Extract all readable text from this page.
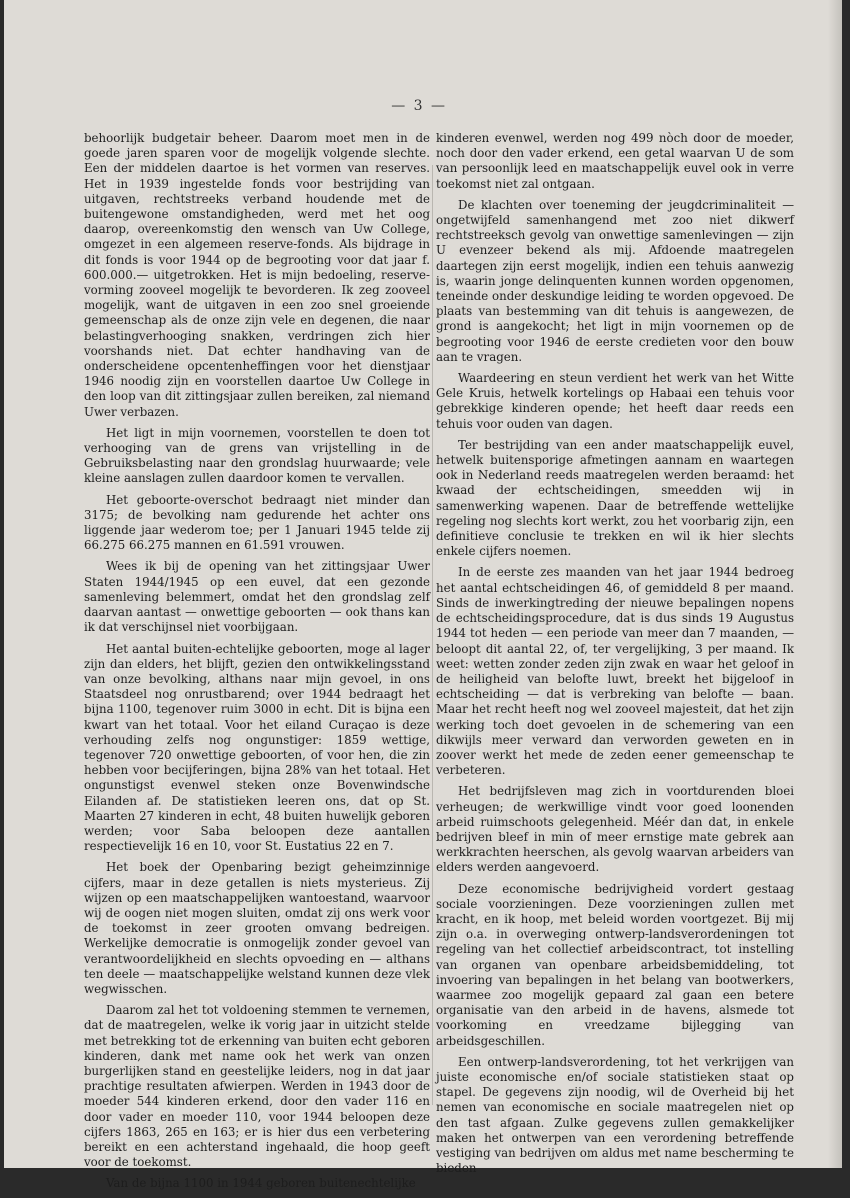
— 3 —

behoorlijk budgetair beheer. Daarom moet men in de goede jaren sparen voor de mogelijk volgende slechte. Een der middelen daartoe is het vormen van reserves. Het in 1939 ingestelde fonds voor bestrijding van uitgaven, rechtstreeks verband houdende met de buitengewone omstandigheden, werd met het oog daarop, overeenkomstig den wensch van Uw College, omgezet in een algemeen reserve-fonds. Als bijdrage in dit fonds is voor 1944 op de begrooting voor dat jaar f. 600.000.— uitgetrokken. Het is mijn bedoeling, reserve-vorming zooveel mogelijk te bevorderen. Ik zeg zooveel mogelijk, want de uitgaven in een zoo snel groeiende gemeenschap als de onze zijn vele en degenen, die naar belastingverhooging snakken, verdringen zich hier voorshands niet. Dat echter handhaving van de onderscheidene opcentenheffingen voor het dienstjaar 1946 noodig zijn en voorstellen daartoe Uw College in den loop van dit zittingsjaar zullen bereiken, zal niemand Uwer verbazen.

Het ligt in mijn voornemen, voorstellen te doen tot verhooging van de grens van vrijstelling in de Gebruiksbelasting naar den grondslag huurwaarde; vele kleine aanslagen zullen daardoor komen te vervallen.

Het geboorte-overschot bedraagt niet minder dan 3175; de bevolking nam gedurende het achter ons liggende jaar wederom toe; per 1 Januari 1945 telde zij 66.275 66.275 mannen en 61.591 vrouwen.

Wees ik bij de opening van het zittingsjaar Uwer Staten 1944/1945 op een euvel, dat een gezonde samenleving belemmert, omdat het den grondslag zelf daarvan aantast — onwettige geboorten — ook thans kan ik dat verschijnsel niet voorbijgaan.

Het aantal buiten-echtelijke geboorten, moge al lager zijn dan elders, het blijft, gezien den ontwikkelingsstand van onze bevolking, althans naar mijn gevoel, in ons Staatsdeel nog onrustbarend; over 1944 bedraagt het bijna 1100, tegenover ruim 3000 in echt. Dit is bijna een kwart van het totaal. Voor het eiland Curaçao is deze verhouding zelfs nog ongunstiger: 1859 wettige, tegenover 720 onwettige geboorten, of voor hen, die zin hebben voor becijferingen, bijna 28% van het totaal. Het ongunstigst evenwel steken onze Bovenwindsche Eilanden af. De statistieken leeren ons, dat op St. Maarten 27 kinderen in echt, 48 buiten huwelijk geboren werden; voor Saba beloopen deze aantallen respectievelijk 16 en 10, voor St. Eustatius 22 en 7.

Het boek der Openbaring bezigt geheimzinnige cijfers, maar in deze getallen is niets mysterieus. Zij wijzen op een maatschappelijken wantoestand, waarvoor wij de oogen niet mogen sluiten, omdat zij ons werk voor de toekomst in zeer grooten omvang bedreigen. Werkelijke democratie is onmogelijk zonder gevoel van verantwoordelijkheid en slechts opvoeding en — althans ten deele — maatschappelijke welstand kunnen deze vlek wegwisschen.

Daarom zal het tot voldoening stemmen te vernemen, dat de maatregelen, welke ik vorig jaar in uitzicht stelde met betrekking tot de erkenning van buiten echt geboren kinderen, dank met name ook het werk van onzen burgerlijken stand en geestelijke leiders, nog in dat jaar prachtige resultaten afwierpen. Werden in 1943 door de moeder 544 kinderen erkend, door den vader 116 en door vader en moeder 110, voor 1944 beloopen deze cijfers 1863, 265 en 163; er is hier dus een verbetering bereikt en een achterstand ingehaald, die hoop geeft voor de toekomst.

Van de bijna 1100 in 1944 geboren buitenechtelijke

kinderen evenwel, werden nog 499 nòch door de moeder, noch door den vader erkend, een getal waarvan U de som van persoonlijk leed en maatschappelijk euvel ook in verre toekomst niet zal ontgaan.

De klachten over toeneming der jeugdcriminaliteit — ongetwijfeld samenhangend met zoo niet dikwerf rechtstreeksch gevolg van onwettige samenlevingen — zijn U evenzeer bekend als mij. Afdoende maatregelen daartegen zijn eerst mogelijk, indien een tehuis aanwezig is, waarin jonge delinquenten kunnen worden opgenomen, teneinde onder deskundige leiding te worden opgevoed. De plaats van bestemming van dit tehuis is aangewezen, de grond is aangekocht; het ligt in mijn voornemen op de begrooting voor 1946 de eerste credieten voor den bouw aan te vragen.

Waardeering en steun verdient het werk van het Witte Gele Kruis, hetwelk kortelings op Habaai een tehuis voor gebrekkige kinderen opende; het heeft daar reeds een tehuis voor ouden van dagen.

Ter bestrijding van een ander maatschappelijk euvel, hetwelk buitensporige afmetingen aannam en waartegen ook in Nederland reeds maatregelen werden beraamd: het kwaad der echtscheidingen, smeedden wij in samenwerking wapenen. Daar de betreffende wettelijke regeling nog slechts kort werkt, zou het voorbarig zijn, een definitieve conclusie te trekken en wil ik hier slechts enkele cijfers noemen.

In de eerste zes maanden van het jaar 1944 bedroeg het aantal echtscheidingen 46, of gemiddeld 8 per maand. Sinds de inwerkingtreding der nieuwe bepalingen nopens de echtscheidingsprocedure, dat is dus sinds 19 Augustus 1944 tot heden — een periode van meer dan 7 maanden, — beloopt dit aantal 22, of, ter vergelijking, 3 per maand. Ik weet: wetten zonder zeden zijn zwak en waar het geloof in de heiligheid van belofte luwt, breekt het bijgeloof in echtscheiding — dat is verbreking van belofte — baan. Maar het recht heeft nog wel zooveel majesteit, dat het zijn werking toch doet gevoelen in de schemering van een dikwijls meer verward dan verworden geweten en in zoover werkt het mede de zeden eener gemeenschap te verbeteren.

Het bedrijfsleven mag zich in voortdurenden bloei verheugen; de werkwillige vindt voor goed loonenden arbeid ruimschoots gelegenheid. Méér dan dat, in enkele bedrijven bleef in min of meer ernstige mate gebrek aan werkkrachten heerschen, als gevolg waarvan arbeiders van elders werden aangevoerd.

Deze economische bedrijvigheid vordert gestaag sociale voorzieningen. Deze voorzieningen zullen met kracht, en ik hoop, met beleid worden voortgezet. Bij mij zijn o.a. in overweging ontwerp-landsverordeningen tot regeling van het collectief arbeidscontract, tot instelling van organen van openbare arbeidsbemiddeling, tot invoering van bepalingen in het belang van bootwerkers, waarmee zoo mogelijk gepaard zal gaan een betere organisatie van den arbeid in de havens, alsmede tot voorkoming en vreedzame bijlegging van arbeidsgeschillen.

Een ontwerp-landsverordening, tot het verkrijgen van juiste economische en/of sociale statistieken staat op stapel. De gegevens zijn noodig, wil de Overheid bij het nemen van economische en sociale maatregelen niet op den tast afgaan. Zulke gegevens zullen gemakkelijker maken het ontwerpen van een verordening betreffende vestiging van bedrijven om aldus met name bescherming te bieden
